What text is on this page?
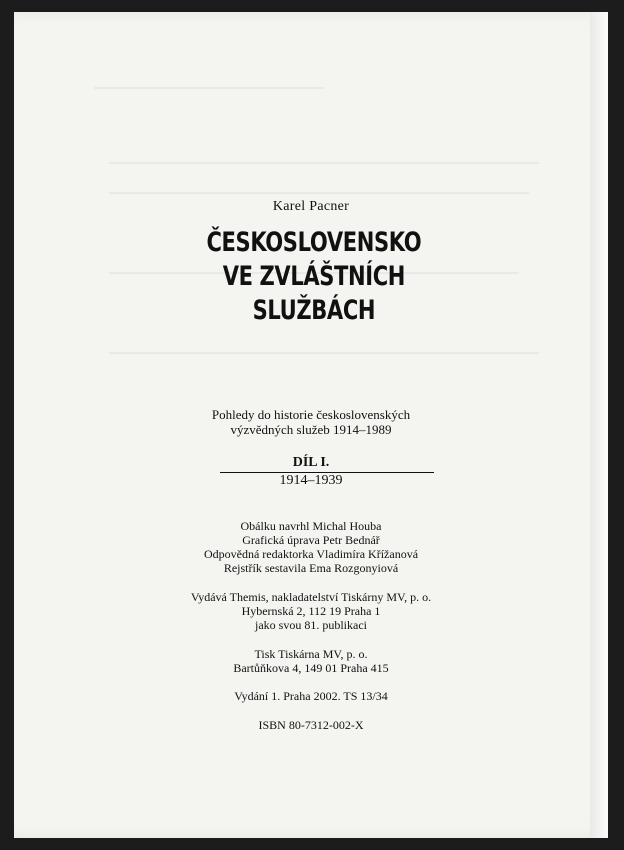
Karel Pacner
ČESKOSLOVENSKO
VE ZVLÁŠTNÍCH
SLUŽBÁCH
Pohledy do historie československých
výzvědných služeb 1914–1989
DÍL I.
1914–1939
Obálku navrhl Michal Houba
Grafická úprava Petr Bednář
Odpovědná redaktorka Vladimíra Křížanová
Rejstřík sestavila Ema Rozgonyiová
Vydává Themis, nakladatelství Tiskárny MV, p. o.
Hybernská 2, 112 19 Praha 1
jako svou 81. publikaci
Tisk Tiskárna MV, p. o.
Bartůňkova 4, 149 01 Praha 415
Vydání 1. Praha 2002. TS 13/34
ISBN 80-7312-002-X
